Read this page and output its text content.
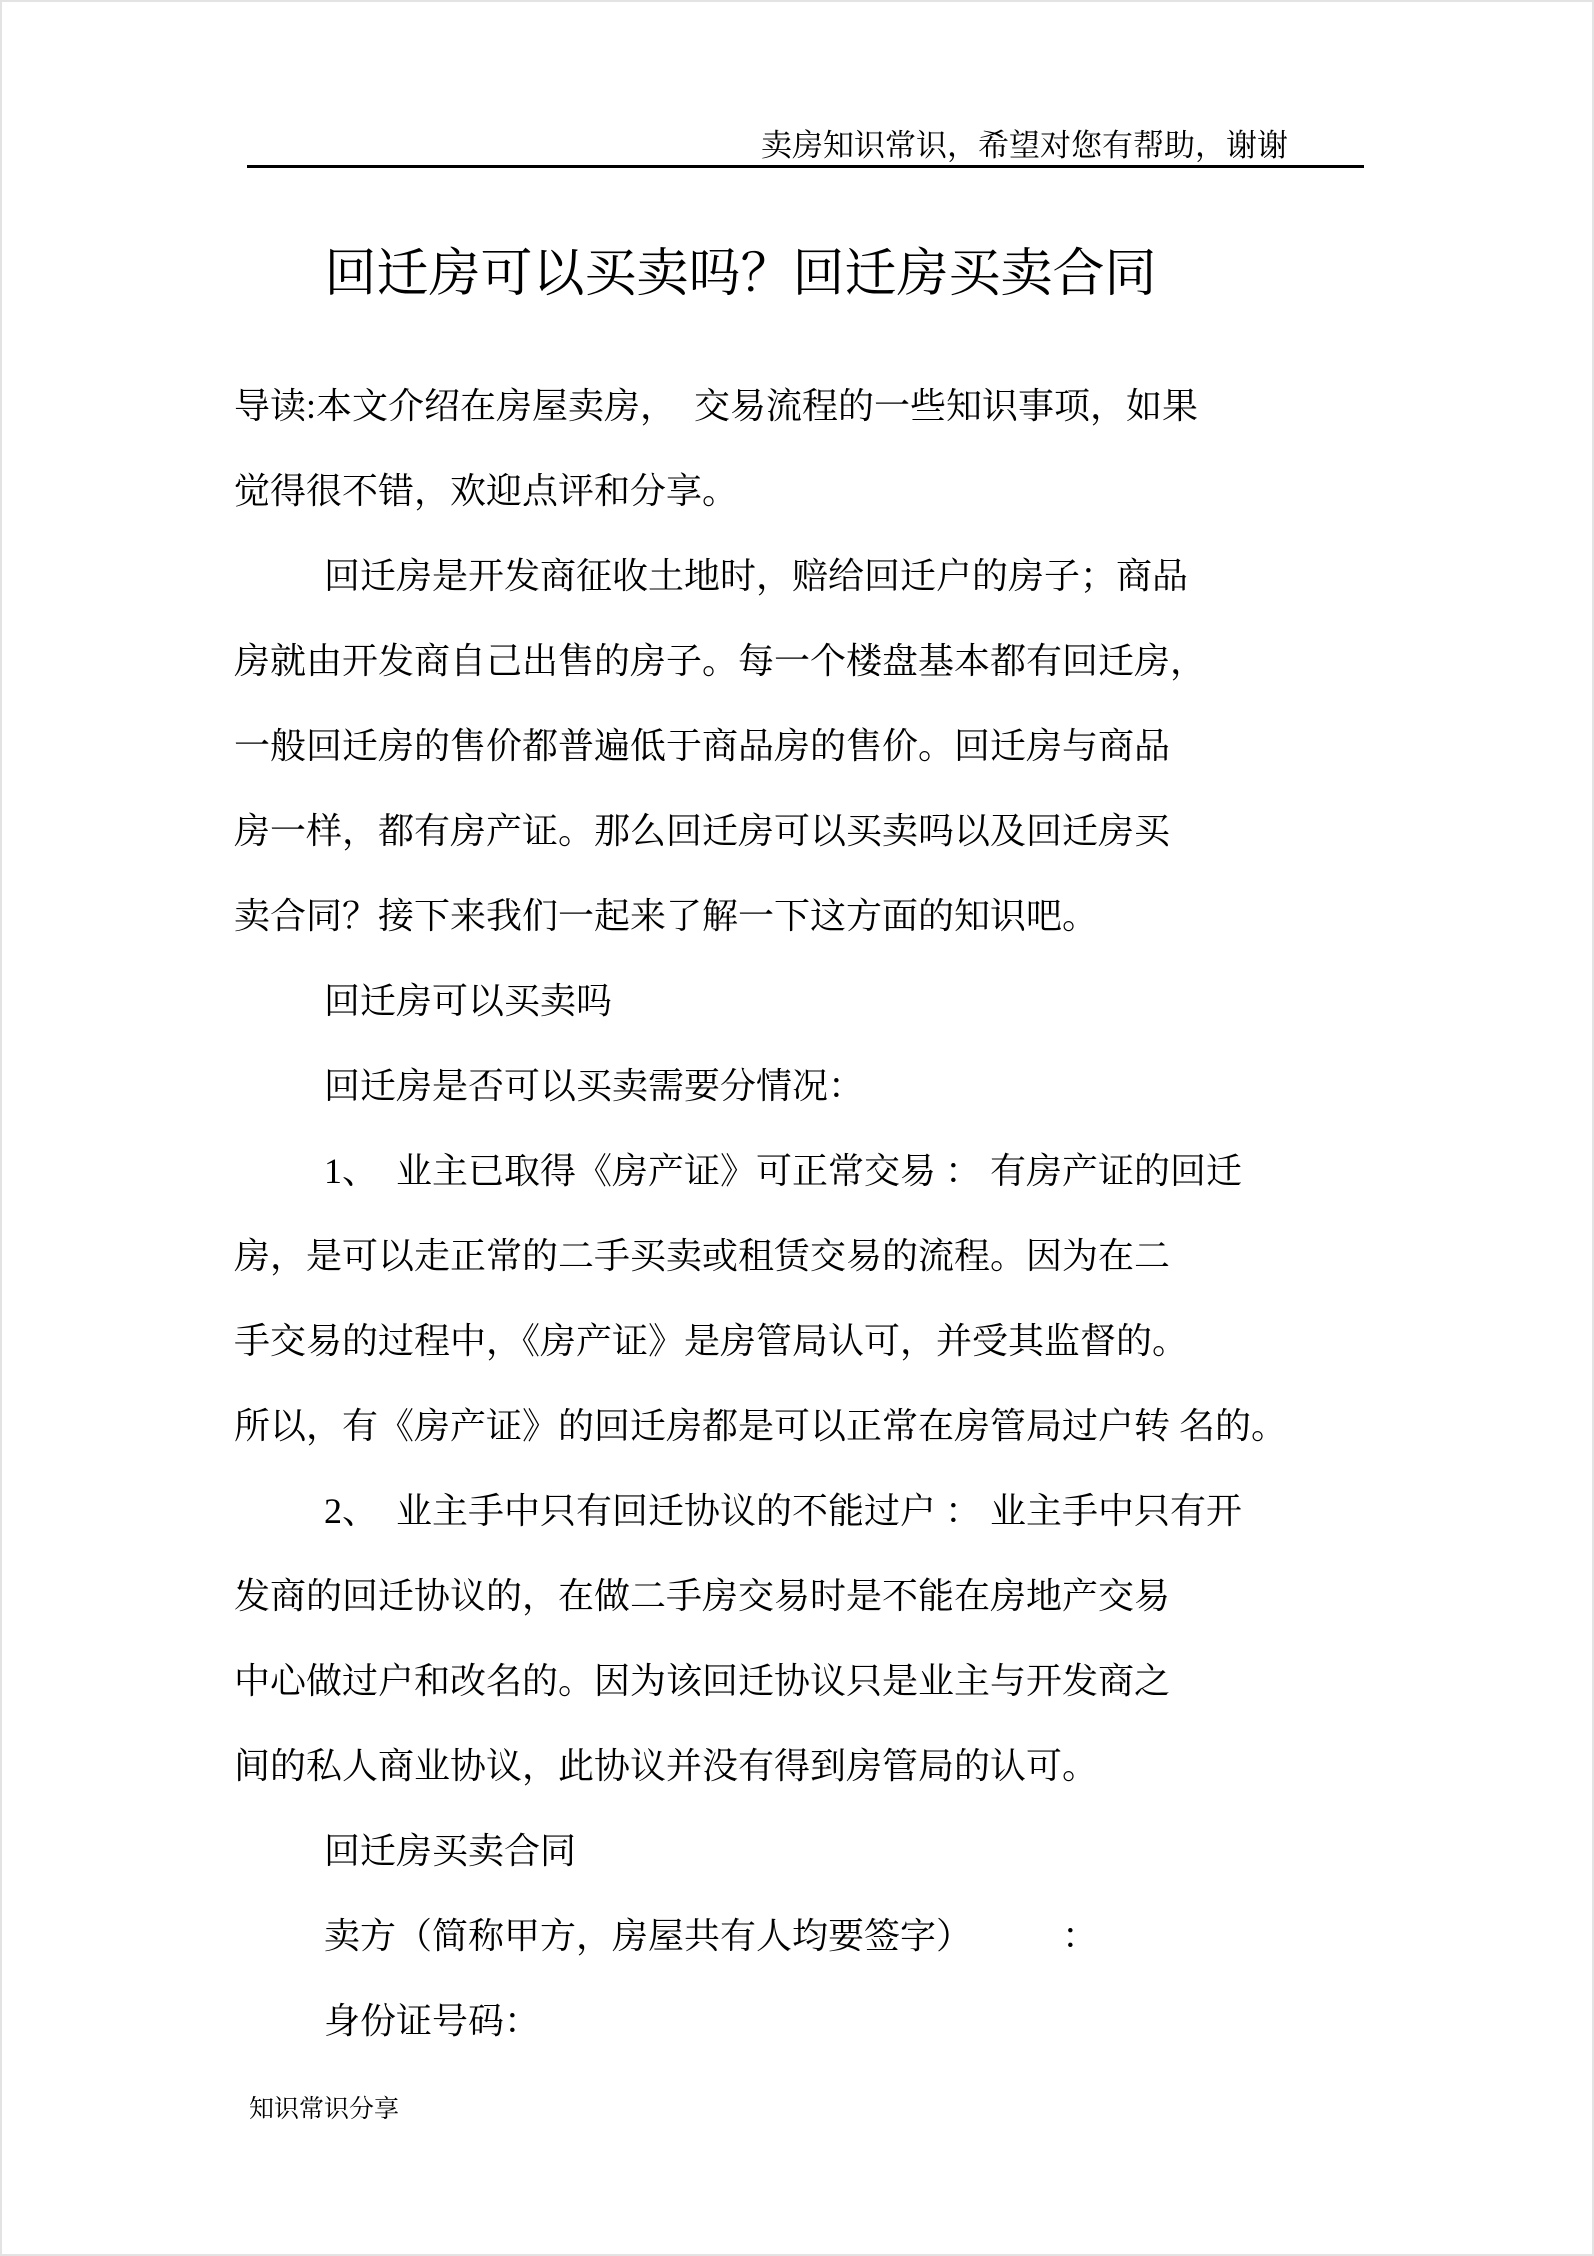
卖房知识常识，希望对您有帮助，谢谢
回迁房可以买卖吗？回迁房买卖合同
导读:本文介绍在房屋卖房，　交易流程的一些知识事项，如果
觉得很不错，欢迎点评和分享。
回迁房是开发商征收土地时，赔给回迁户的房子；商品
房就由开发商自己出售的房子。每一个楼盘基本都有回迁房，
一般回迁房的售价都普遍低于商品房的售价。回迁房与商品
房一样，都有房产证。那么回迁房可以买卖吗以及回迁房买
卖合同？接下来我们一起来了解一下这方面的知识吧。
回迁房可以买卖吗
回迁房是否可以买卖需要分情况：
1、　业主已取得《房产证》可正常交易 ： 有房产证的回迁
房，是可以走正常的二手买卖或租赁交易的流程。因为在二
手交易的过程中，《房产证》是房管局认可，并受其监督的。
所以，有《房产证》的回迁房都是可以正常在房管局过户转 名的。
2、　业主手中只有回迁协议的不能过户 ： 业主手中只有开
发商的回迁协议的，在做二手房交易时是不能在房地产交易
中心做过户和改名的。因为该回迁协议只是业主与开发商之
间的私人商业协议，此协议并没有得到房管局的认可。
回迁房买卖合同
卖方（简称甲方，房屋共有人均要签字）　　　：
身份证号码：
知识常识分享
